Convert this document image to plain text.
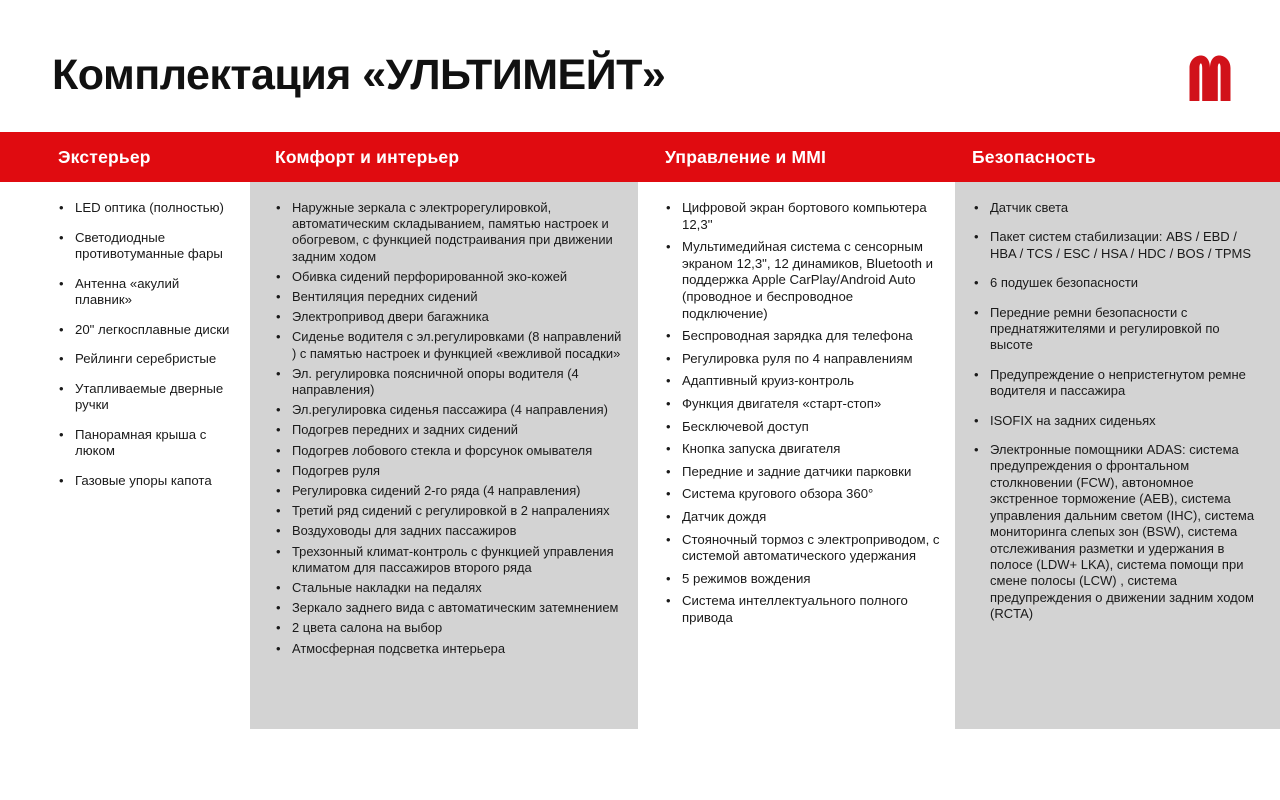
Комплектация «УЛЬТИМЕЙТ»
Экстерьер	Комфорт и интерьер	Управление и MMI	Безопасность
• LED оптика (полностью)
• Светодиодные противотуманные фары
• Антенна «акулий плавник»
• 20" легкосплавные диски
• Рейлинги серебристые
• Утапливаемые дверные ручки
• Панорамная крыша с люком
• Газовые упоры капота
• Наружные зеркала с электрорегулировкой, автоматическим складыванием, памятью настроек и обогревом, с функцией подстраивания при движении задним ходом
• Обивка сидений перфорированной эко-кожей
• Вентиляция передних сидений
• Электропривод двери багажника
• Сиденье водителя с эл.регулировками (8 направлений ) с памятью настроек и функцией «вежливой посадки»
• Эл. регулировка поясничной опоры водителя (4 направления)
• Эл.регулировка сиденья пассажира (4 направления)
• Подогрев передних и задних сидений
• Подогрев лобового стекла и форсунок омывателя
• Подогрев руля
• Регулировка сидений 2-го ряда (4 направления)
• Третий ряд сидений с регулировкой в 2 напралениях
• Воздуховоды для задних пассажиров
• Трехзонный климат-контроль с функцией управления климатом для пассажиров второго ряда
• Стальные накладки на педалях
• Зеркало заднего вида с автоматическим затемнением
• 2 цвета салона на выбор
• Атмосферная подсветка интерьера
• Цифровой экран бортового компьютера 12,3''
• Мультимедийная система с сенсорным экраном 12,3", 12 динамиков, Bluetooth и поддержка Apple CarPlay/Android Auto (проводное и беспроводное подключение)
• Беспроводная зарядка для телефона
• Регулировка руля по 4 направлениям
• Адаптивный круиз-контроль
• Функция двигателя «старт-стоп»
• Бесключевой доступ
• Кнопка запуска двигателя
• Передние и задние датчики парковки
• Система кругового обзора 360°
• Датчик дождя
• Стояночный тормоз с электроприводом, с системой автоматического удержания
• 5 режимов вождения
• Система интеллектуального полного привода
• Датчик света
• Пакет систем стабилизации: ABS / EBD / HBA / TCS / ESC / HSA / HDC / BOS / TPMS
• 6 подушек безопасности
• Передние ремни безопасности с преднатяжителями и регулировкой по высоте
• Предупреждение о непристегнутом ремне водителя и пассажира
• ISOFIX на задних сиденьях
• Электронные помощники ADAS: система предупреждения о фронтальном столкновении (FCW), автономное экстренное торможение (AEB), система управления дальним светом (IHC), система мониторинга слепых зон (BSW), система отслеживания разметки и удержания в полосе (LDW+ LKA), система помощи при смене полосы (LCW) , система предупреждения о движении задним ходом (RCTA)
